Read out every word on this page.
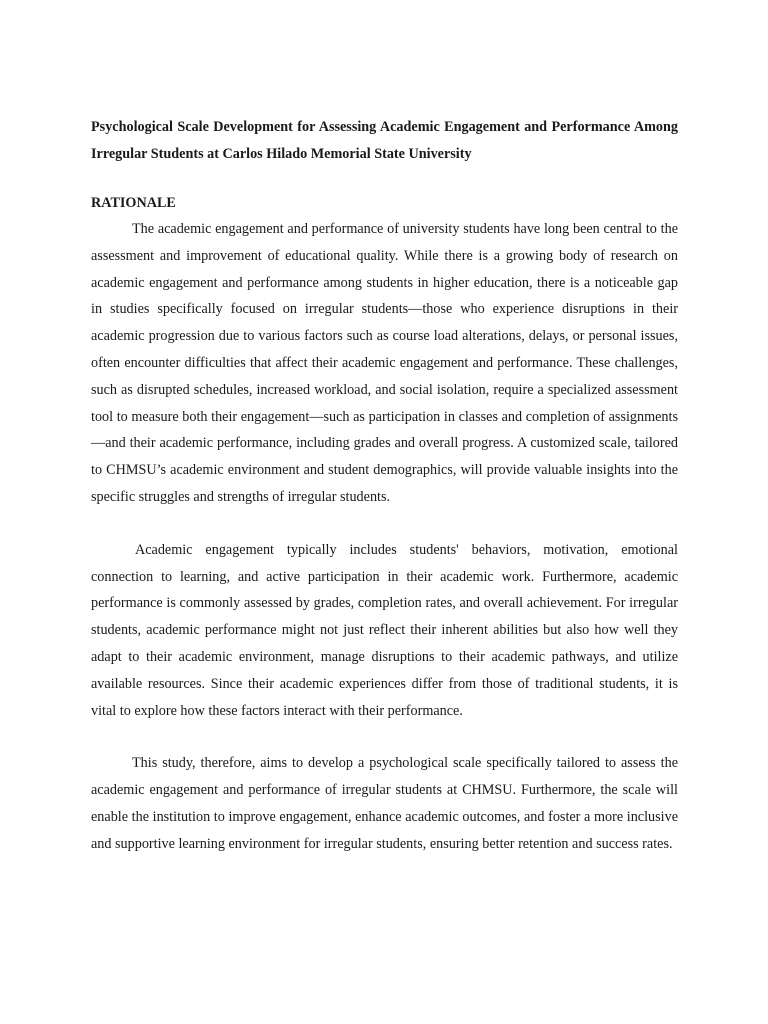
Psychological Scale Development for Assessing Academic Engagement and Performance Among Irregular Students at Carlos Hilado Memorial State University

RATIONALE

The academic engagement and performance of university students have long been central to the assessment and improvement of educational quality. While there is a growing body of research on academic engagement and performance among students in higher education, there is a noticeable gap in studies specifically focused on irregular students—those who experience disruptions in their academic progression due to various factors such as course load alterations, delays, or personal issues, often encounter difficulties that affect their academic engagement and performance. These challenges, such as disrupted schedules, increased workload, and social isolation, require a specialized assessment tool to measure both their engagement—such as participation in classes and completion of assignments—and their academic performance, including grades and overall progress. A customized scale, tailored to CHMSU’s academic environment and student demographics, will provide valuable insights into the specific struggles and strengths of irregular students.

Academic engagement typically includes students' behaviors, motivation, emotional connection to learning, and active participation in their academic work. Furthermore, academic performance is commonly assessed by grades, completion rates, and overall achievement. For irregular students, academic performance might not just reflect their inherent abilities but also how well they adapt to their academic environment, manage disruptions to their academic pathways, and utilize available resources. Since their academic experiences differ from those of traditional students, it is vital to explore how these factors interact with their performance.

This study, therefore, aims to develop a psychological scale specifically tailored to assess the academic engagement and performance of irregular students at CHMSU. Furthermore, the scale will enable the institution to improve engagement, enhance academic outcomes, and foster a more inclusive and supportive learning environment for irregular students, ensuring better retention and success rates.
